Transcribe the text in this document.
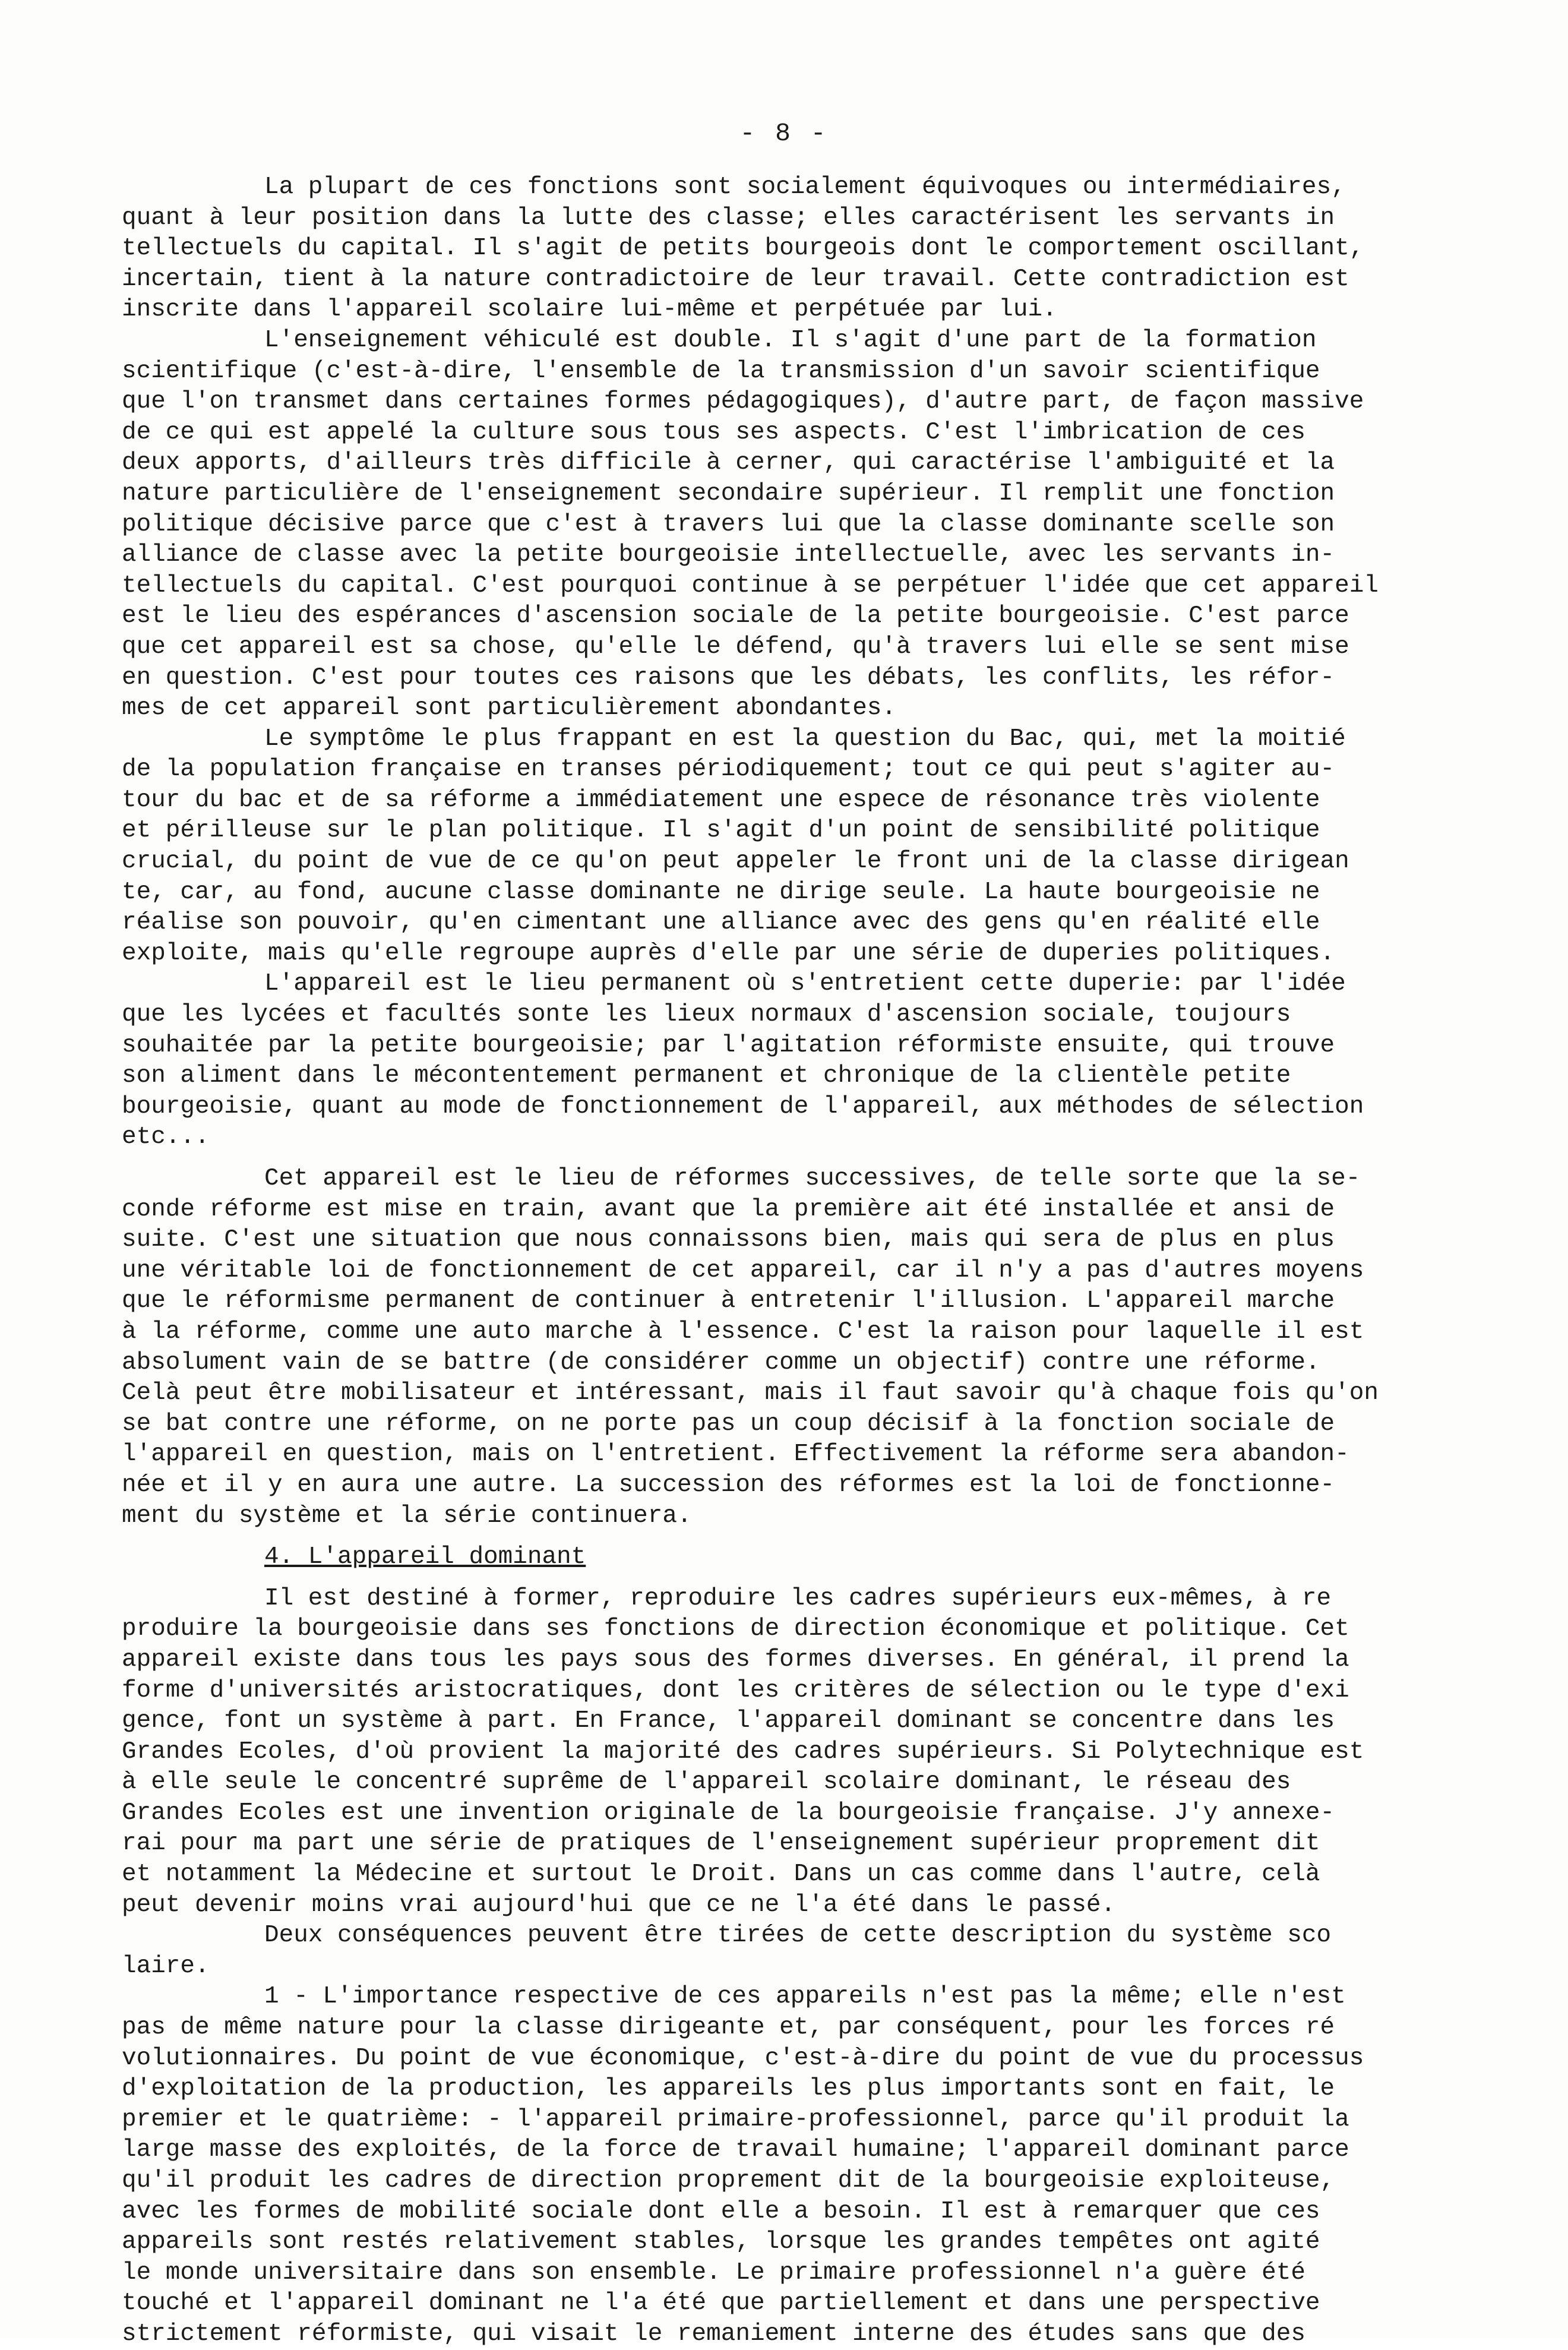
- 8 -
La plupart de ces fonctions sont socialement équivoques ou intermédiaires,
quant à leur position dans la lutte des classe; elles caractérisent les servants in
tellectuels du capital. Il s'agit de petits bourgeois dont le comportement oscillant,
incertain, tient à la nature contradictoire de leur travail. Cette contradiction est
inscrite dans l'appareil scolaire lui-même et perpétuée par lui.
L'enseignement véhiculé est double. Il s'agit d'une part de la formation
scientifique (c'est-à-dire, l'ensemble de la transmission d'un savoir scientifique
que l'on transmet dans certaines formes pédagogiques), d'autre part, de façon massive
de ce qui est appelé la culture sous tous ses aspects. C'est l'imbrication de ces
deux apports, d'ailleurs très difficile à cerner, qui caractérise l'ambiguité et la
nature particulière de l'enseignement secondaire supérieur. Il remplit une fonction
politique décisive parce que c'est à travers lui que la classe dominante scelle son
alliance de classe avec la petite bourgeoisie intellectuelle, avec les servants in-
tellectuels du capital. C'est pourquoi continue à se perpétuer l'idée que cet appareil
est le lieu des espérances d'ascension sociale de la petite bourgeoisie. C'est parce
que cet appareil est sa chose, qu'elle le défend, qu'à travers lui elle se sent mise
en question. C'est pour toutes ces raisons que les débats, les conflits, les réfor-
mes de cet appareil sont particulièrement abondantes.
Le symptôme le plus frappant en est la question du Bac, qui, met la moitié
de la population française en transes périodiquement; tout ce qui peut s'agiter au-
tour du bac et de sa réforme a immédiatement une espece de résonance très violente
et périlleuse sur le plan politique. Il s'agit d'un point de sensibilité politique
crucial, du point de vue de ce qu'on peut appeler le front uni de la classe dirigean
te, car, au fond, aucune classe dominante ne dirige seule. La haute bourgeoisie ne
réalise son pouvoir, qu'en cimentant une alliance avec des gens qu'en réalité elle
exploite, mais qu'elle regroupe auprès d'elle par une série de duperies politiques.
L'appareil est le lieu permanent où s'entretient cette duperie: par l'idée
que les lycées et facultés sonte les lieux normaux d'ascension sociale, toujours
souhaitée par la petite bourgeoisie; par l'agitation réformiste ensuite, qui trouve
son aliment dans le mécontentement permanent et chronique de la clientèle petite
bourgeoisie, quant au mode de fonctionnement de l'appareil, aux méthodes de sélection
etc...
Cet appareil est le lieu de réformes successives, de telle sorte que la se-
conde réforme est mise en train, avant que la première ait été installée et ansi de
suite. C'est une situation que nous connaissons bien, mais qui sera de plus en plus
une véritable loi de fonctionnement de cet appareil, car il n'y a pas d'autres moyens
que le réformisme permanent de continuer à entretenir l'illusion. L'appareil marche
à la réforme, comme une auto marche à l'essence. C'est la raison pour laquelle il est
absolument vain de se battre (de considérer comme un objectif) contre une réforme.
Celà peut être mobilisateur et intéressant, mais il faut savoir qu'à chaque fois qu'on
se bat contre une réforme, on ne porte pas un coup décisif à la fonction sociale de
l'appareil en question, mais on l'entretient. Effectivement la réforme sera abandon-
née et il y en aura une autre. La succession des réformes est la loi de fonctionne-
ment du système et la série continuera.
4. L'appareil dominant
Il est destiné à former, reproduire les cadres supérieurs eux-mêmes, à re
produire la bourgeoisie dans ses fonctions de direction économique et politique. Cet
appareil existe dans tous les pays sous des formes diverses. En général, il prend la
forme d'universités aristocratiques, dont les critères de sélection ou le type d'exi
gence, font un système à part. En France, l'appareil dominant se concentre dans les
Grandes Ecoles, d'où provient la majorité des cadres supérieurs. Si Polytechnique est
à elle seule le concentré suprême de l'appareil scolaire dominant, le réseau des
Grandes Ecoles est une invention originale de la bourgeoisie française. J'y annexe-
rai pour ma part une série de pratiques de l'enseignement supérieur proprement dit
et notamment la Médecine et surtout le Droit. Dans un cas comme dans l'autre, celà
peut devenir moins vrai aujourd'hui que ce ne l'a été dans le passé.
Deux conséquences peuvent être tirées de cette description du système sco
laire.
1 - L'importance respective de ces appareils n'est pas la même; elle n'est
pas de même nature pour la classe dirigeante et, par conséquent, pour les forces ré
volutionnaires. Du point de vue économique, c'est-à-dire du point de vue du processus
d'exploitation de la production, les appareils les plus importants sont en fait, le
premier et le quatrième: - l'appareil primaire-professionnel, parce qu'il produit la
large masse des exploités, de la force de travail humaine; l'appareil dominant parce
qu'il produit les cadres de direction proprement dit de la bourgeoisie exploiteuse,
avec les formes de mobilité sociale dont elle a besoin. Il est à remarquer que ces
appareils sont restés relativement stables, lorsque les grandes tempêtes ont agité
le monde universitaire dans son ensemble. Le primaire professionnel n'a guère été
touché et l'appareil dominant ne l'a été que partiellement et dans une perspective
strictement réformiste, qui visait le remaniement interne des études sans que des
